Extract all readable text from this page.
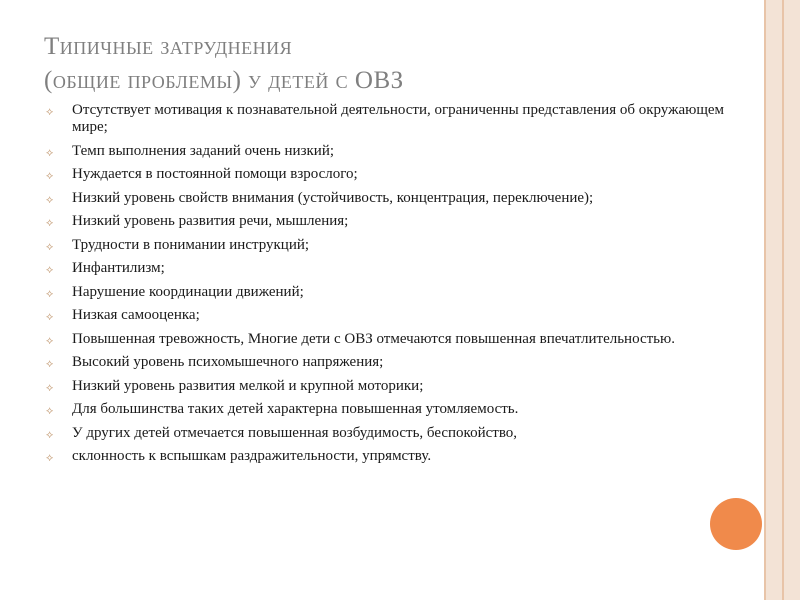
Типичные затруднения
(общие проблемы) у детей с ОВЗ
⟡ Отсутствует мотивация к познавательной деятельности, ограниченны представления об окружающем мире;
⟡ Темп выполнения заданий очень низкий;
⟡ Нуждается в постоянной помощи взрослого;
⟡ Низкий уровень свойств внимания (устойчивость, концентрация, переключение);
⟡ Низкий уровень развития речи, мышления;
⟡ Трудности в понимании инструкций;
⟡ Инфантилизм;
⟡ Нарушение координации движений;
⟡ Низкая самооценка;
⟡ Повышенная тревожность, Многие дети с ОВЗ отмечаются повышенная впечатлительностью.
⟡ Высокий уровень психомышечного напряжения;
⟡ Низкий уровень развития мелкой и крупной моторики;
⟡ Для большинства таких детей характерна повышенная утомляемость.
⟡ У других детей отмечается повышенная возбудимость, беспокойство,
⟡ склонность к вспышкам раздражительности, упрямству.
